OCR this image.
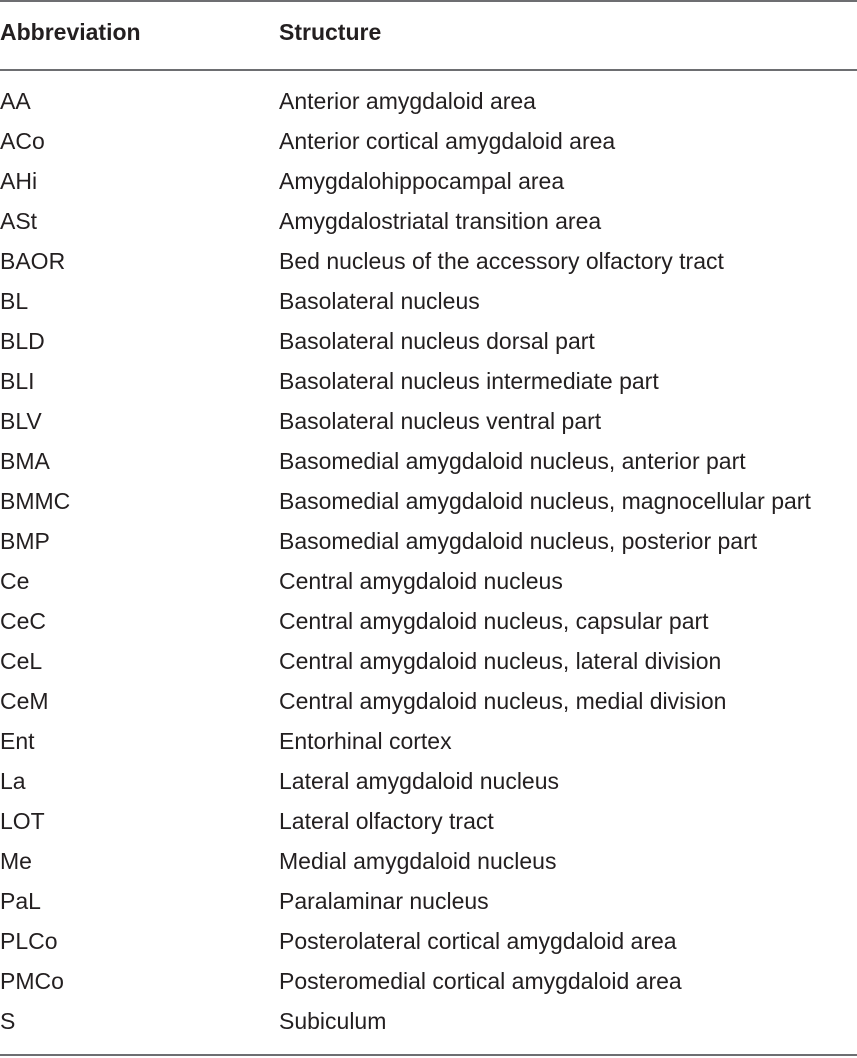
Abbreviation	Structure
AA	Anterior amygdaloid area
ACo	Anterior cortical amygdaloid area
AHi	Amygdalohippocampal area
ASt	Amygdalostriatal transition area
BAOR	Bed nucleus of the accessory olfactory tract
BL	Basolateral nucleus
BLD	Basolateral nucleus dorsal part
BLI	Basolateral nucleus intermediate part
BLV	Basolateral nucleus ventral part
BMA	Basomedial amygdaloid nucleus, anterior part
BMMC	Basomedial amygdaloid nucleus, magnocellular part
BMP	Basomedial amygdaloid nucleus, posterior part
Ce	Central amygdaloid nucleus
CeC	Central amygdaloid nucleus, capsular part
CeL	Central amygdaloid nucleus, lateral division
CeM	Central amygdaloid nucleus, medial division
Ent	Entorhinal cortex
La	Lateral amygdaloid nucleus
LOT	Lateral olfactory tract
Me	Medial amygdaloid nucleus
PaL	Paralaminar nucleus
PLCo	Posterolateral cortical amygdaloid area
PMCo	Posteromedial cortical amygdaloid area
S	Subiculum
